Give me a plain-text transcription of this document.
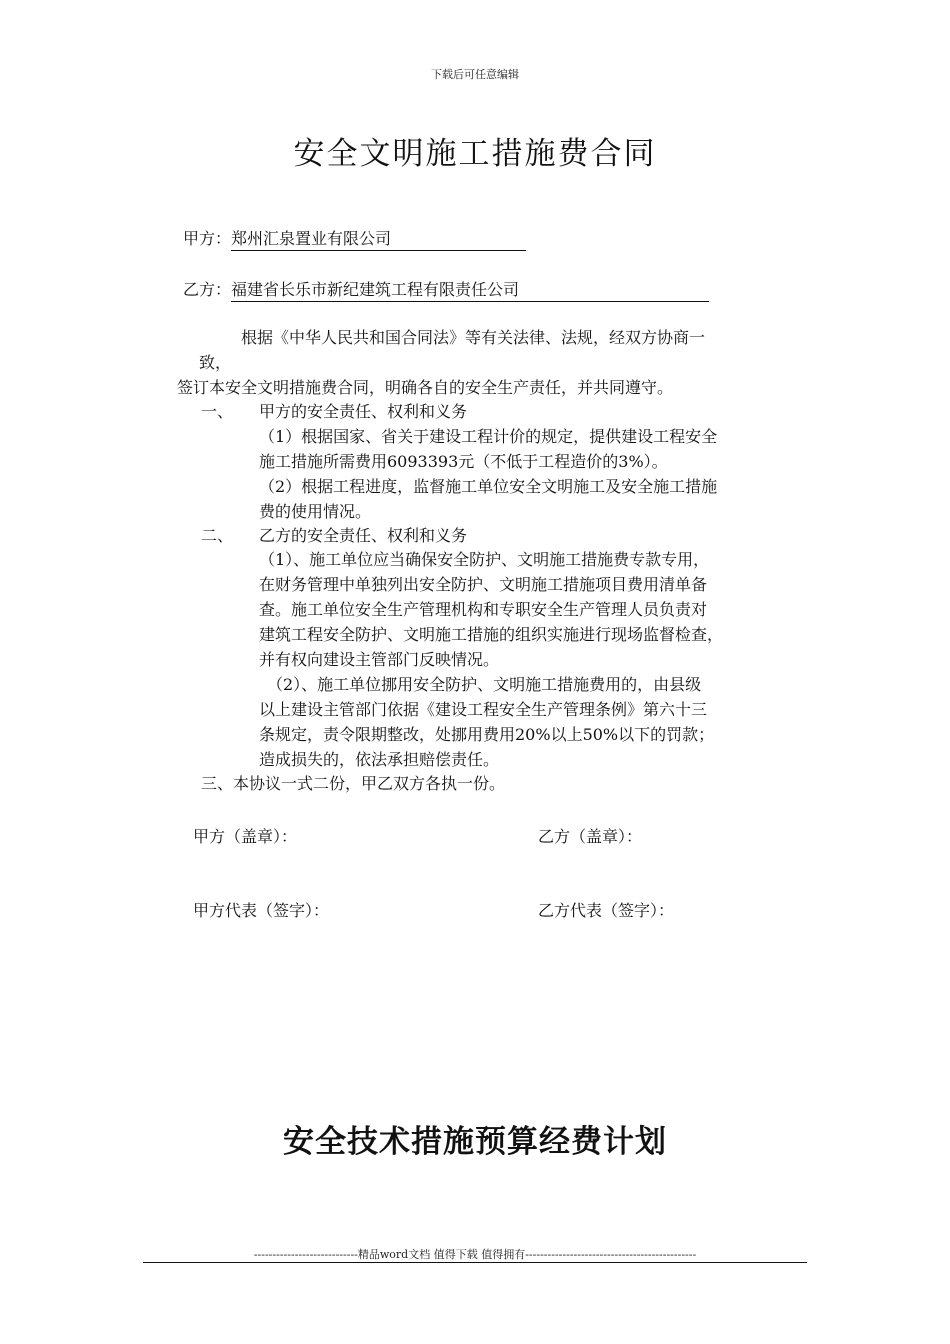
下载后可任意编辑
安全文明施工措施费合同
甲方：郑州汇泉置业有限公司
乙方：福建省长乐市新纪建筑工程有限责任公司
根据《中华人民共和国合同法》等有关法律、法规，经双方协商一
致，
签订本安全文明措施费合同，明确各自的安全生产责任，并共同遵守。
一、 甲方的安全责任、权利和义务
（1）根据国家、省关于建设工程计价的规定，提供建设工程安全
施工措施所需费用6093393元（不低于工程造价的3%）。
（2）根据工程进度，监督施工单位安全文明施工及安全施工措施
费的使用情况。
二、 乙方的安全责任、权利和义务
（1）、施工单位应当确保安全防护、文明施工措施费专款专用，
在财务管理中单独列出安全防护、文明施工措施项目费用清单备
查。施工单位安全生产管理机构和专职安全生产管理人员负责对
建筑工程安全防护、文明施工措施的组织实施进行现场监督检查，
并有权向建设主管部门反映情况。
（2）、施工单位挪用安全防护、文明施工措施费用的，由县级
以上建设主管部门依据《建设工程安全生产管理条例》第六十三
条规定，责令限期整改，处挪用费用20%以上50%以下的罚款；
造成损失的，依法承担赔偿责任。
三、本协议一式二份，甲乙双方各执一份。
甲方（盖章）：	乙方（盖章）：
甲方代表（签字）：	乙方代表（签字）：
安全技术措施预算经费计划
----------------------------精品word文档 值得下载 值得拥有----------------------------------------------
